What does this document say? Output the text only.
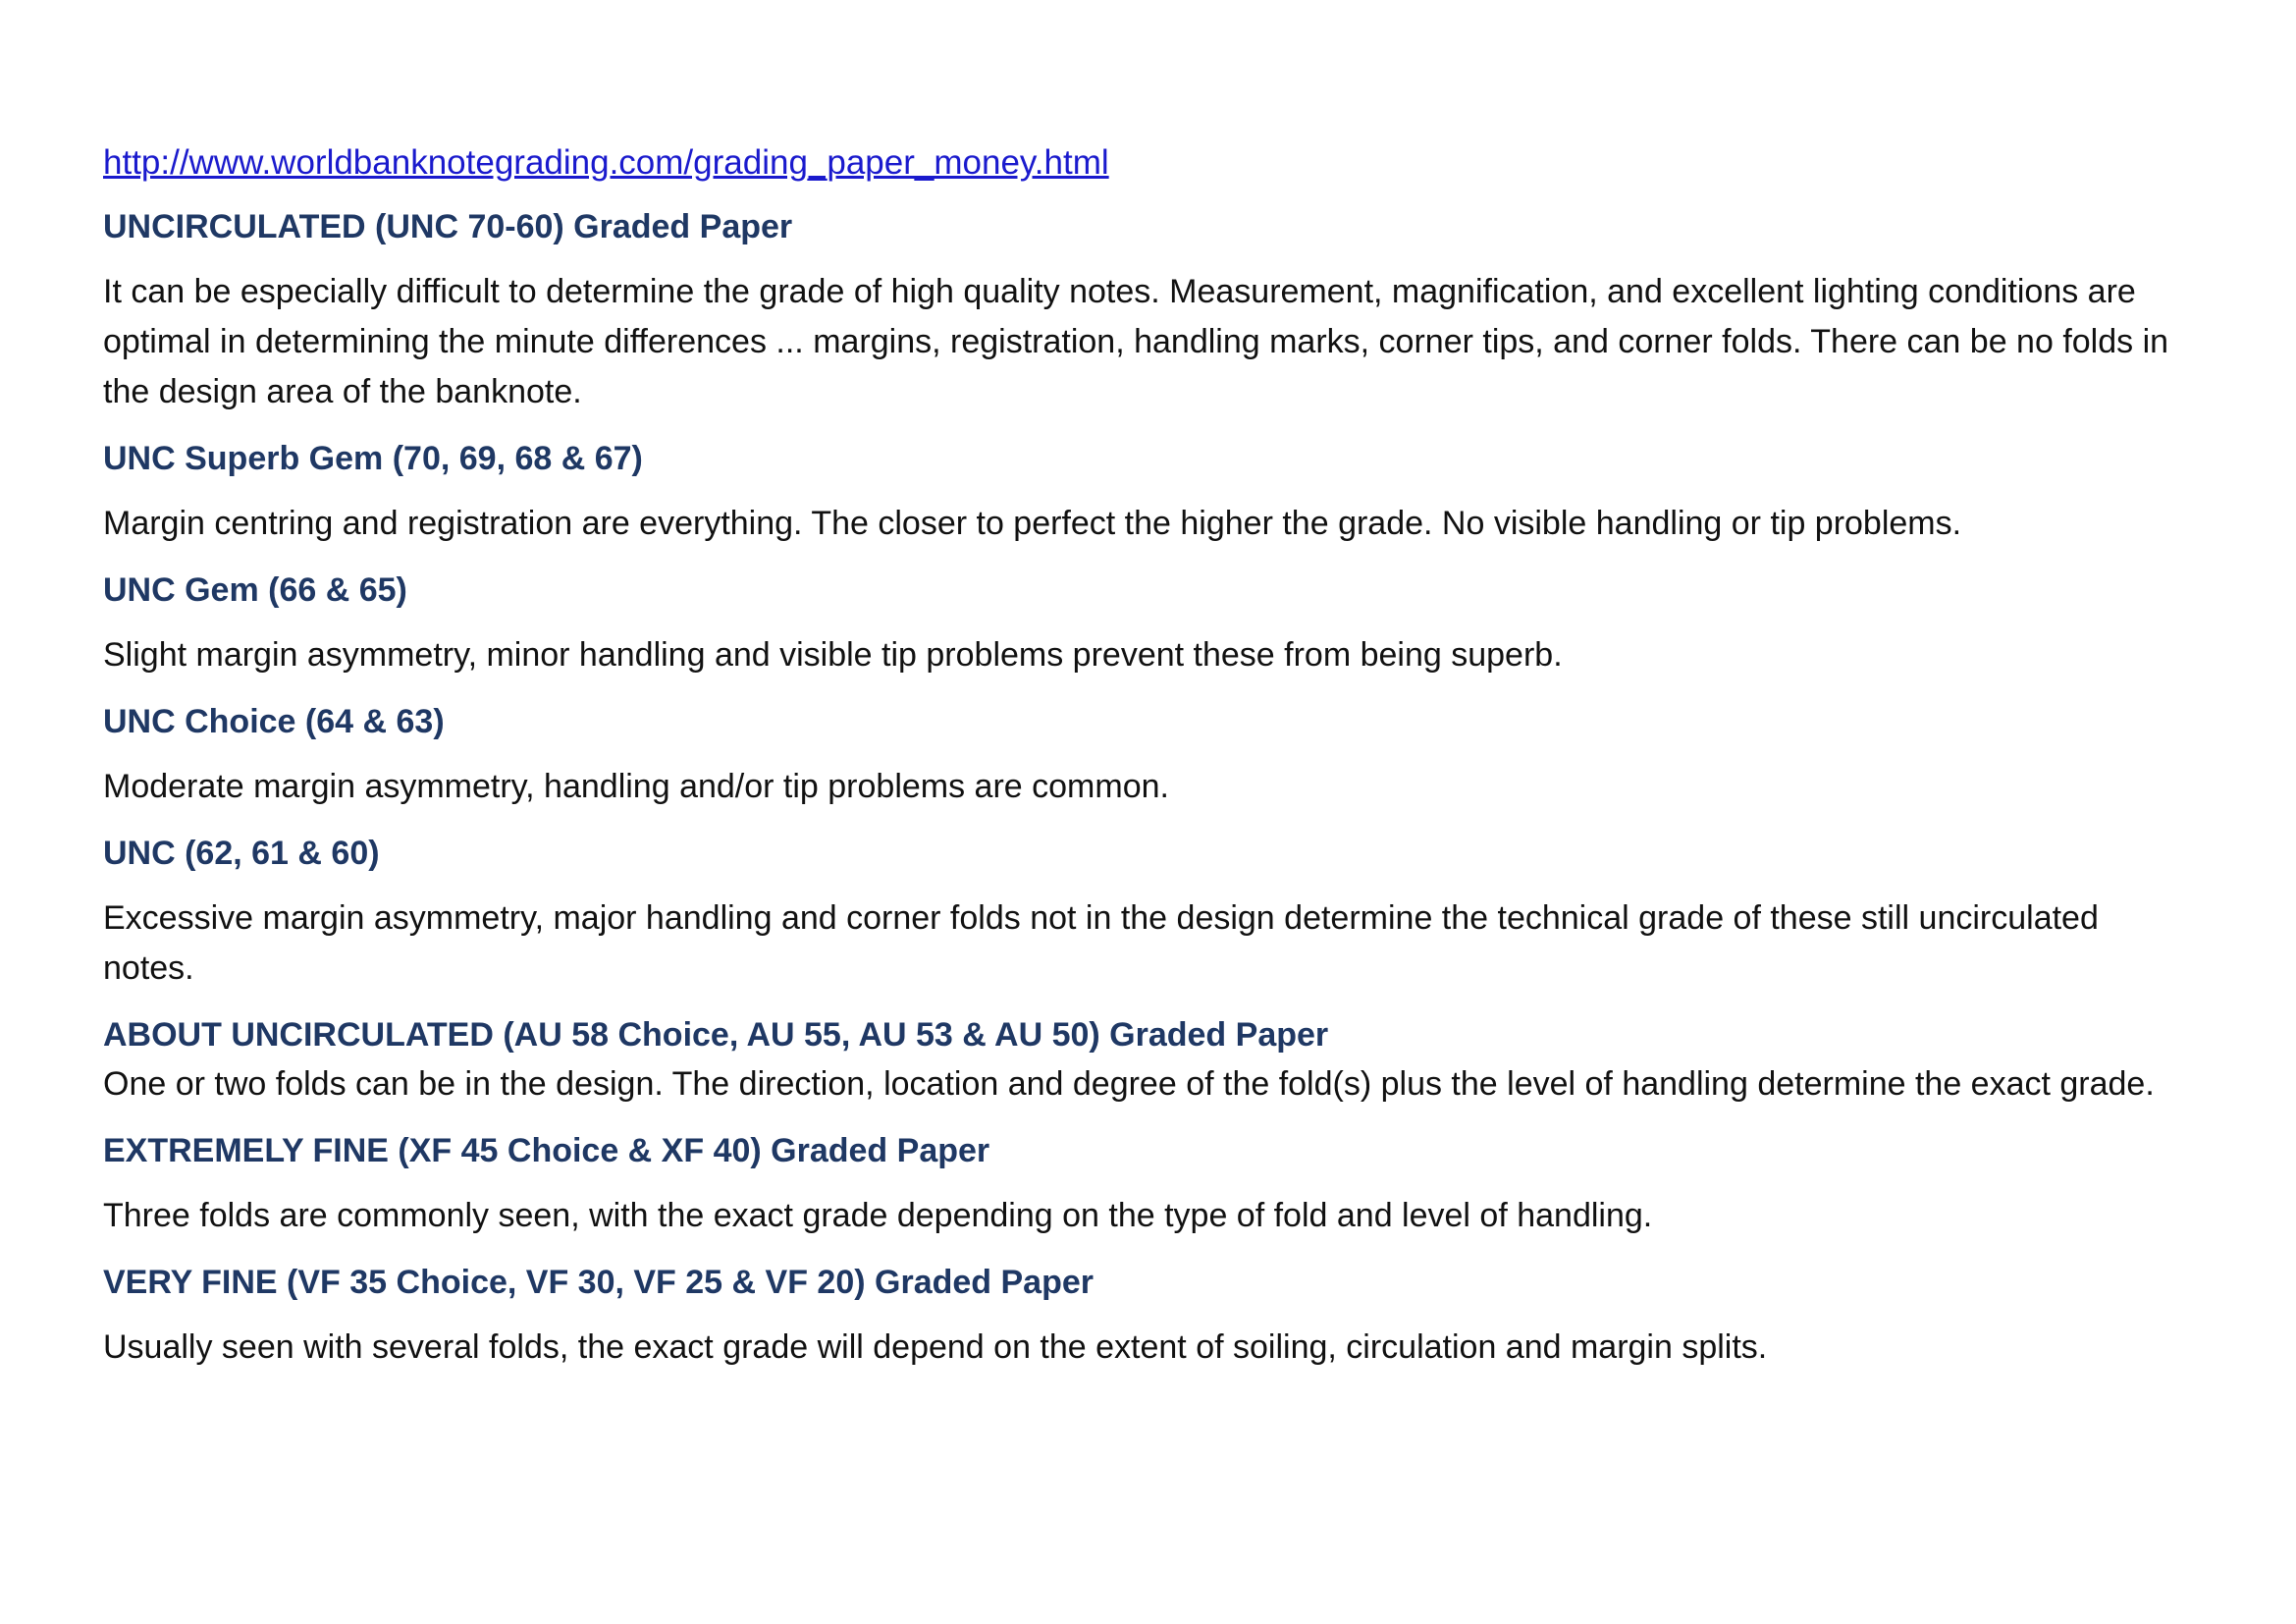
http://www.worldbanknotegrading.com/grading_paper_money.html
UNCIRCULATED (UNC 70-60) Graded Paper

It can be especially difficult to determine the grade of high quality notes. Measurement, magnification, and excellent lighting conditions are optimal in determining the minute differences ... margins, registration, handling marks, corner tips, and corner folds. There can be no folds in the design area of the banknote.

UNC Superb Gem (70, 69, 68 & 67)

Margin centring and registration are everything. The closer to perfect the higher the grade. No visible handling or tip problems.

UNC Gem (66 & 65)

Slight margin asymmetry, minor handling and visible tip problems prevent these from being superb.

UNC Choice (64 & 63)

Moderate margin asymmetry, handling and/or tip problems are common.

UNC (62, 61 & 60)

Excessive margin asymmetry, major handling and corner folds not in the design determine the technical grade of these still uncirculated notes.

ABOUT UNCIRCULATED (AU 58 Choice, AU 55, AU 53 & AU 50) Graded Paper

One or two folds can be in the design. The direction, location and degree of the fold(s) plus the level of handling determine the exact grade.

EXTREMELY FINE (XF 45 Choice & XF 40) Graded Paper

Three folds are commonly seen, with the exact grade depending on the type of fold and level of handling.

VERY FINE (VF 35 Choice, VF 30, VF 25 & VF 20) Graded Paper

Usually seen with several folds, the exact grade will depend on the extent of soiling, circulation and margin splits.
